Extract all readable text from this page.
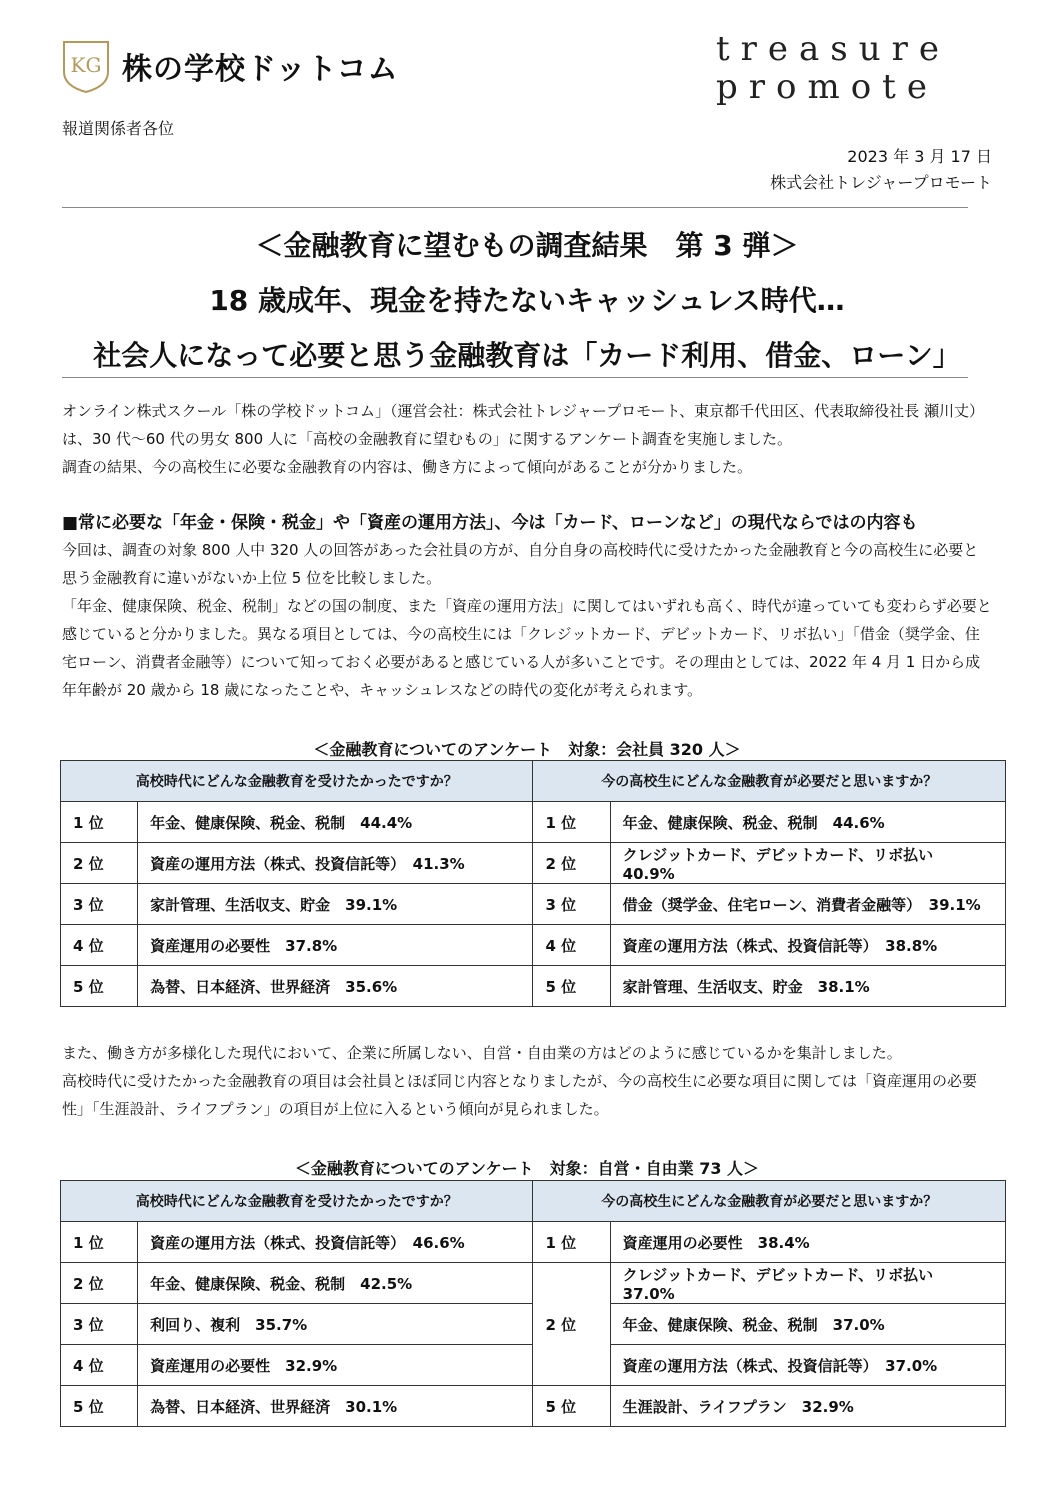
KG 株の学校ドットコム
treasure
promote
報道関係者各位
2023 年 3 月 17 日
株式会社トレジャープロモート
＜金融教育に望むもの調査結果　第 3 弾＞
18 歳成年、現金を持たないキャッシュレス時代…
社会人になって必要と思う金融教育は「カード利用、借金、ローン」

オンライン株式スクール「株の学校ドットコム」（運営会社：株式会社トレジャープロモート、東京都千代田区、代表取締役社長 瀬川丈）は、30 代～60 代の男女 800 人に「高校の金融教育に望むもの」に関するアンケート調査を実施しました。

調査の結果、今の高校生に必要な金融教育の内容は、働き方によって傾向があることが分かりました。

■常に必要な「年金・保険・税金」や「資産の運用方法」、今は「カード、ローンなど」の現代ならではの内容も

今回は、調査の対象 800 人中 320 人の回答があった会社員の方が、自分自身の高校時代に受けたかった金融教育と今の高校生に必要と思う金融教育に違いがないか上位 5 位を比較しました。

「年金、健康保険、税金、税制」などの国の制度、また「資産の運用方法」に関してはいずれも高く、時代が違っていても変わらず必要と感じていると分かりました。異なる項目としては、今の高校生には「クレジットカード、デビットカード、リボ払い」「借金（奨学金、住宅ローン、消費者金融等）について知っておく必要があると感じている人が多いことです。その理由としては、2022 年 4 月 1 日から成年年齢が 20 歳から 18 歳になったことや、キャッシュレスなどの時代の変化が考えられます。

＜金融教育についてのアンケート　対象：会社員 320 人＞
高校時代にどんな金融教育を受けたかったですか？		今の高校生にどんな金融教育が必要だと思いますか？	
1 位	年金、健康保険、税金、税制　44.4%	1 位	年金、健康保険、税金、税制　44.6%
2 位	資産の運用方法（株式、投資信託等）　41.3%	2 位	クレジットカード、デビットカード、リボ払い　40.9%
3 位	家計管理、生活収支、貯金　39.1%	3 位	借金（奨学金、住宅ローン、消費者金融等）　39.1%
4 位	資産運用の必要性　37.8%	4 位	資産の運用方法（株式、投資信託等）　38.8%
5 位	為替、日本経済、世界経済　35.6%	5 位	家計管理、生活収支、貯金　38.1%

また、働き方が多様化した現代において、企業に所属しない、自営・自由業の方はどのように感じているかを集計しました。

高校時代に受けたかった金融教育の項目は会社員とほぼ同じ内容となりましたが、今の高校生に必要な項目に関しては「資産運用の必要性」「生涯設計、ライフプラン」の項目が上位に入るという傾向が見られました。

＜金融教育についてのアンケート　対象：自営・自由業 73 人＞
高校時代にどんな金融教育を受けたかったですか？		今の高校生にどんな金融教育が必要だと思いますか？	
1 位	資産の運用方法（株式、投資信託等）　46.6%	1 位	資産運用の必要性　38.4%
2 位	年金、健康保険、税金、税制　42.5%	2 位	クレジットカード、デビットカード、リボ払い　37.0%
3 位	利回り、複利　35.7%		年金、健康保険、税金、税制　37.0%
4 位	資産運用の必要性　32.9%		資産の運用方法（株式、投資信託等）　37.0%
5 位	為替、日本経済、世界経済　30.1%	5 位	生涯設計、ライフプラン　32.9%
